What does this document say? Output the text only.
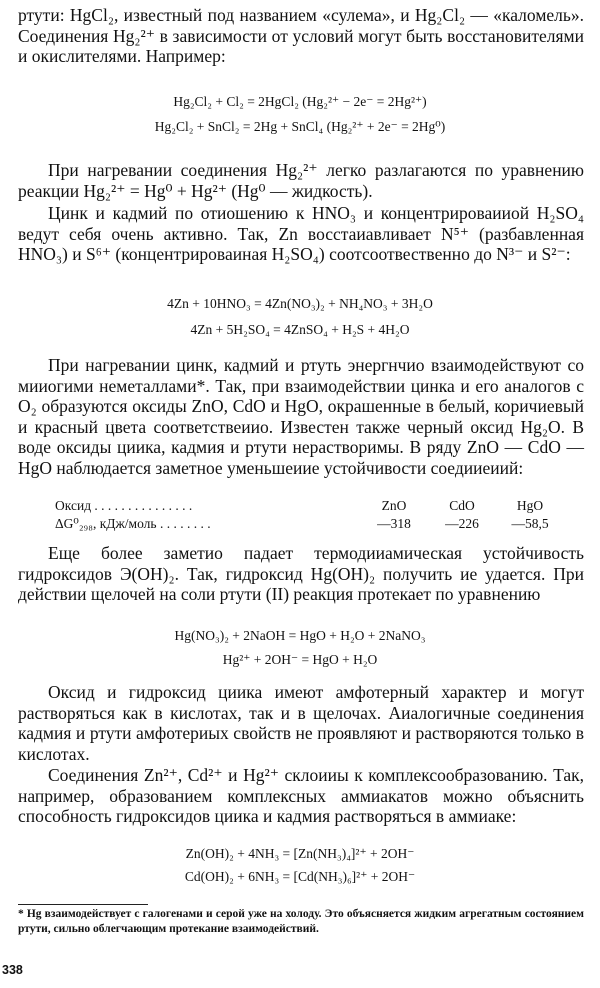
ртути: HgCl₂, известный под названием «сулема», и Hg₂Cl₂ — «каломель». Соединения Hg₂²⁺ в зависимости от условий могут быть восстановителями и окислителями. Например:

Hg₂Cl₂ + Cl₂ = 2HgCl₂ (Hg₂²⁺ − 2e⁻ = 2Hg²⁺)

Hg₂Cl₂ + SnCl₂ = 2Hg + SnCl₄ (Hg₂²⁺ + 2e⁻ = 2Hg⁰)

При нагревании соединения Hg₂²⁺ легко разлагаются по уравнению реакции Hg₂²⁺ = Hg⁰ + Hg²⁺ (Hg⁰ — жидкость).

Цинк и кадмий по отиошению к HNO₃ и концентрироваииой H₂SO₄ ведут себя очень активно. Так, Zn восстаиавливает N⁵⁺ (разбавленная HNO₃) и S⁶⁺ (концентрироваиная H₂SO₄) соотсоотвественно до N³⁻ и S²⁻:

4Zn + 10HNO₃ = 4Zn(NO₃)₂ + NH₄NO₃ + 3H₂O

4Zn + 5H₂SO₄ = 4ZnSO₄ + H₂S + 4H₂O

При нагревании цинк, кадмий и ртуть энергнчио взаимодействуют со мииогими неметаллами*. Так, при взаимодействии цинка и его аналогов с O₂ образуются оксиды ZnO, CdO и HgO, окрашенные в белый, коричиевый и красный цвета соответствеиио. Известен также черный оксид Hg₂O. В воде оксиды циика, кадмия и ртути нерастворимы. В ряду ZnO — CdO — HgO наблюдается заметное уменьшеиие устойчивости соедииеиий:

Оксид . . . . . . . . . . . . . . .	ZnO	CdO	HgO
ΔG⁰₂₉₈, кДж/моль . . . . . . . .	—318	—226	—58,5

Еще более заметио падает термодииамическая устойчивость гидроксидов Э(OH)₂. Так, гидроксид Hg(OH)₂ получить ие удается. При действии щелочей на соли ртути (II) реакция протекает по уравнению

Hg(NO₃)₂ + 2NaOH = HgO + H₂O + 2NaNO₃

Hg²⁺ + 2OH⁻ = HgO + H₂O

Оксид и гидроксид циика имеют амфотерный характер и могут растворяться как в кислотах, так и в щелочах. Аиалогичные соединения кадмия и ртути амфотериых свойств не проявляют и растворяются только в кислотах.

Соединения Zn²⁺, Cd²⁺ и Hg²⁺ склоииы к комплексообразованию. Так, например, образованием комплексных аммиакатов можно объяснить способность гидроксидов циика и кадмия растворяться в аммиаке:

Zn(OH)₂ + 4NH₃ = [Zn(NH₃)₄]²⁺ + 2OH⁻

Cd(OH)₂ + 6NH₃ = [Cd(NH₃)₆]²⁺ + 2OH⁻

* Hg взаимодействует с галогенами и серой уже на холоду. Это объясняется жидким агрегатным состоянием ртути, сильно облегчающим протекание взаимодействий.

338
